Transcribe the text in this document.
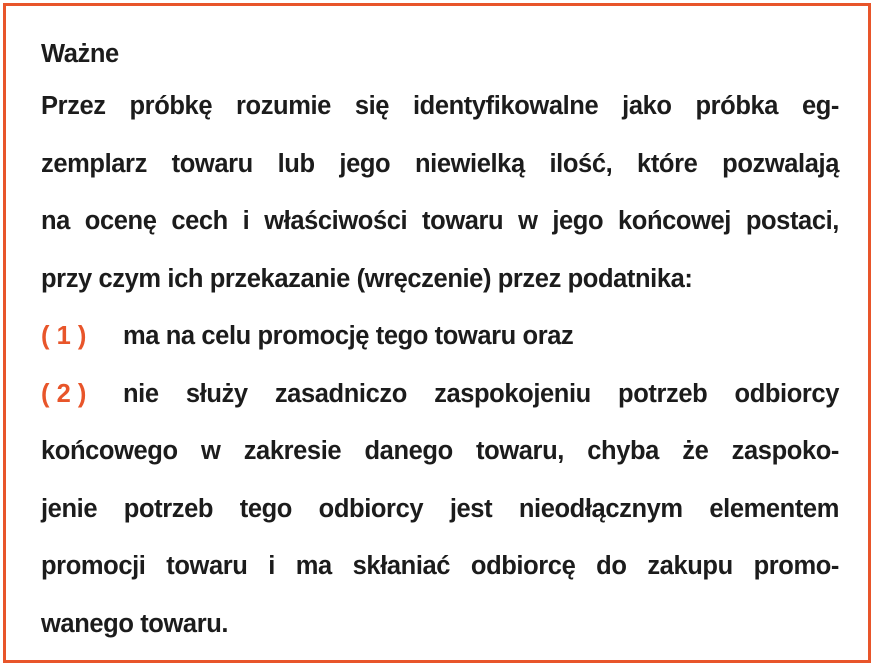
Ważne
Przez próbkę rozumie się identyfikowalne jako próbka eg-
zemplarz towaru lub jego niewielką ilość, które pozwalają
na ocenę cech i właściwości towaru w jego końcowej postaci,
przy czym ich przekazanie (wręczenie) przez podatnika:
( 1 )	ma na celu promocję tego towaru oraz
( 2 )	nie służy zasadniczo zaspokojeniu potrzeb odbiorcy
końcowego w zakresie danego towaru, chyba że zaspoko-
jenie potrzeb tego odbiorcy jest nieodłącznym elementem
promocji towaru i ma skłaniać odbiorcę do zakupu promo-
wanego towaru.
